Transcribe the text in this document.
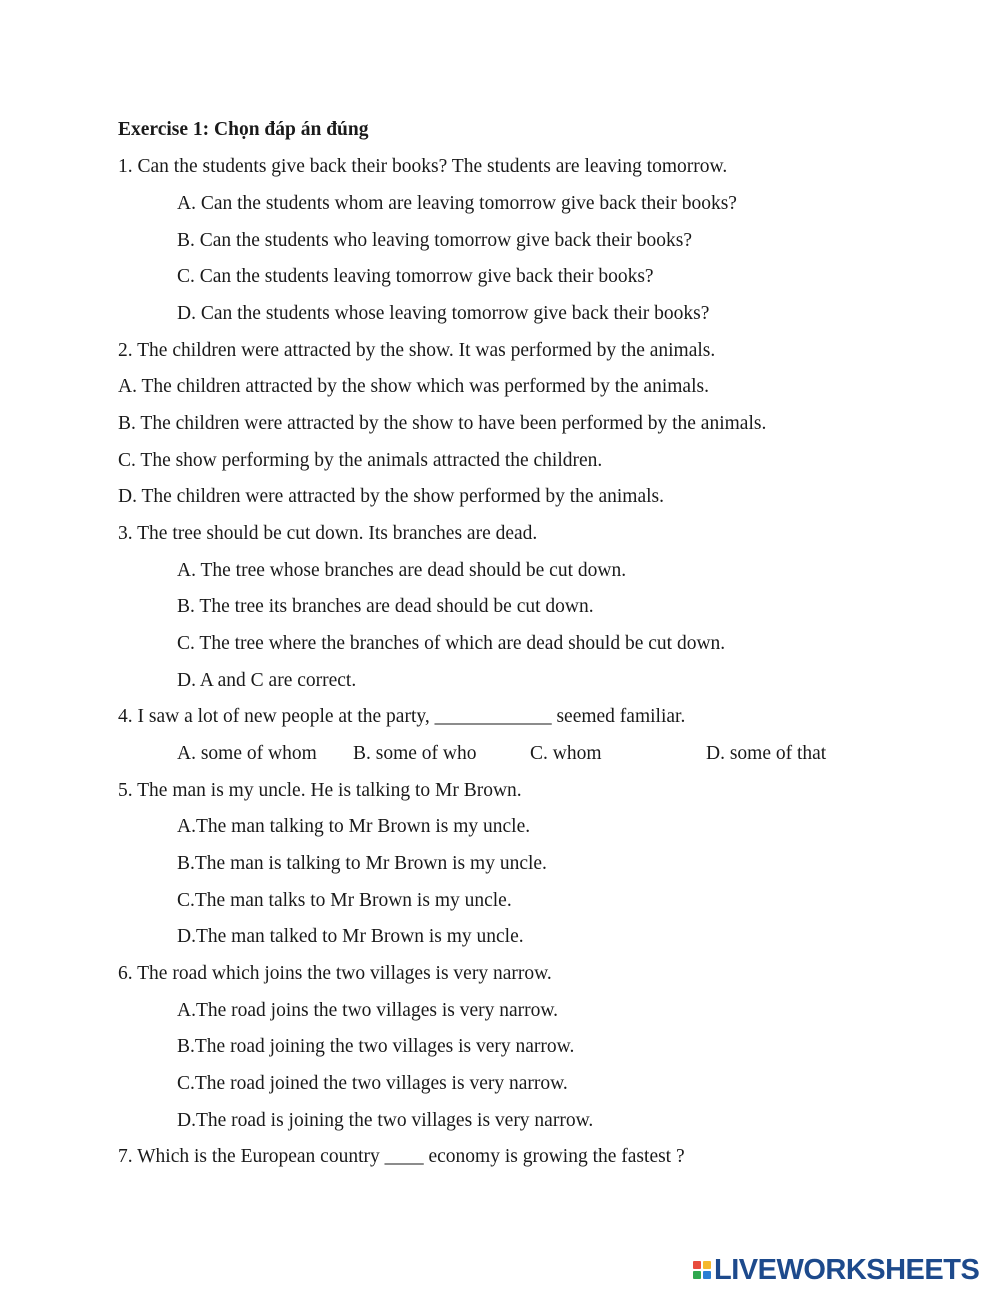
Exercise 1: Chọn đáp án đúng
1. Can the students give back their books? The students are leaving tomorrow.
A. Can the students whom are leaving tomorrow give back their books?
B. Can the students who leaving tomorrow give back their books?
C. Can the students leaving tomorrow give back their books?
D. Can the students whose leaving tomorrow give back their books?
2. The children were attracted by the show. It was performed by the animals.
A. The children attracted by the show which was performed by the animals.
B. The children were attracted by the show to have been performed by the animals.
C. The show performing by the animals attracted the children.
D. The children were attracted by the show performed by the animals.
3. The tree should be cut down. Its branches are dead.
A. The tree whose branches are dead should be cut down.
B. The tree its branches are dead should be cut down.
C. The tree where the branches of which are dead should be cut down.
D. A and C are correct.
4. I saw a lot of new people at the party, ____________ seemed familiar.
A. some of whom B. some of who	C. whom	D. some of that
5. The man is my uncle. He is talking to Mr Brown.
A.The man talking to Mr Brown is my uncle.
B.The man is talking to Mr Brown is my uncle.
C.The man talks to Mr Brown is my uncle.
D.The man talked to Mr Brown is my uncle.
6. The road which joins the two villages is very narrow.
A.The road joins the two villages is very narrow.
B.The road joining the two villages is very narrow.
C.The road joined the two villages is very narrow.
D.The road is joining the two villages is very narrow.
7. Which is the European country ____ economy is growing the fastest ?
LIVEWORKSHEETS
